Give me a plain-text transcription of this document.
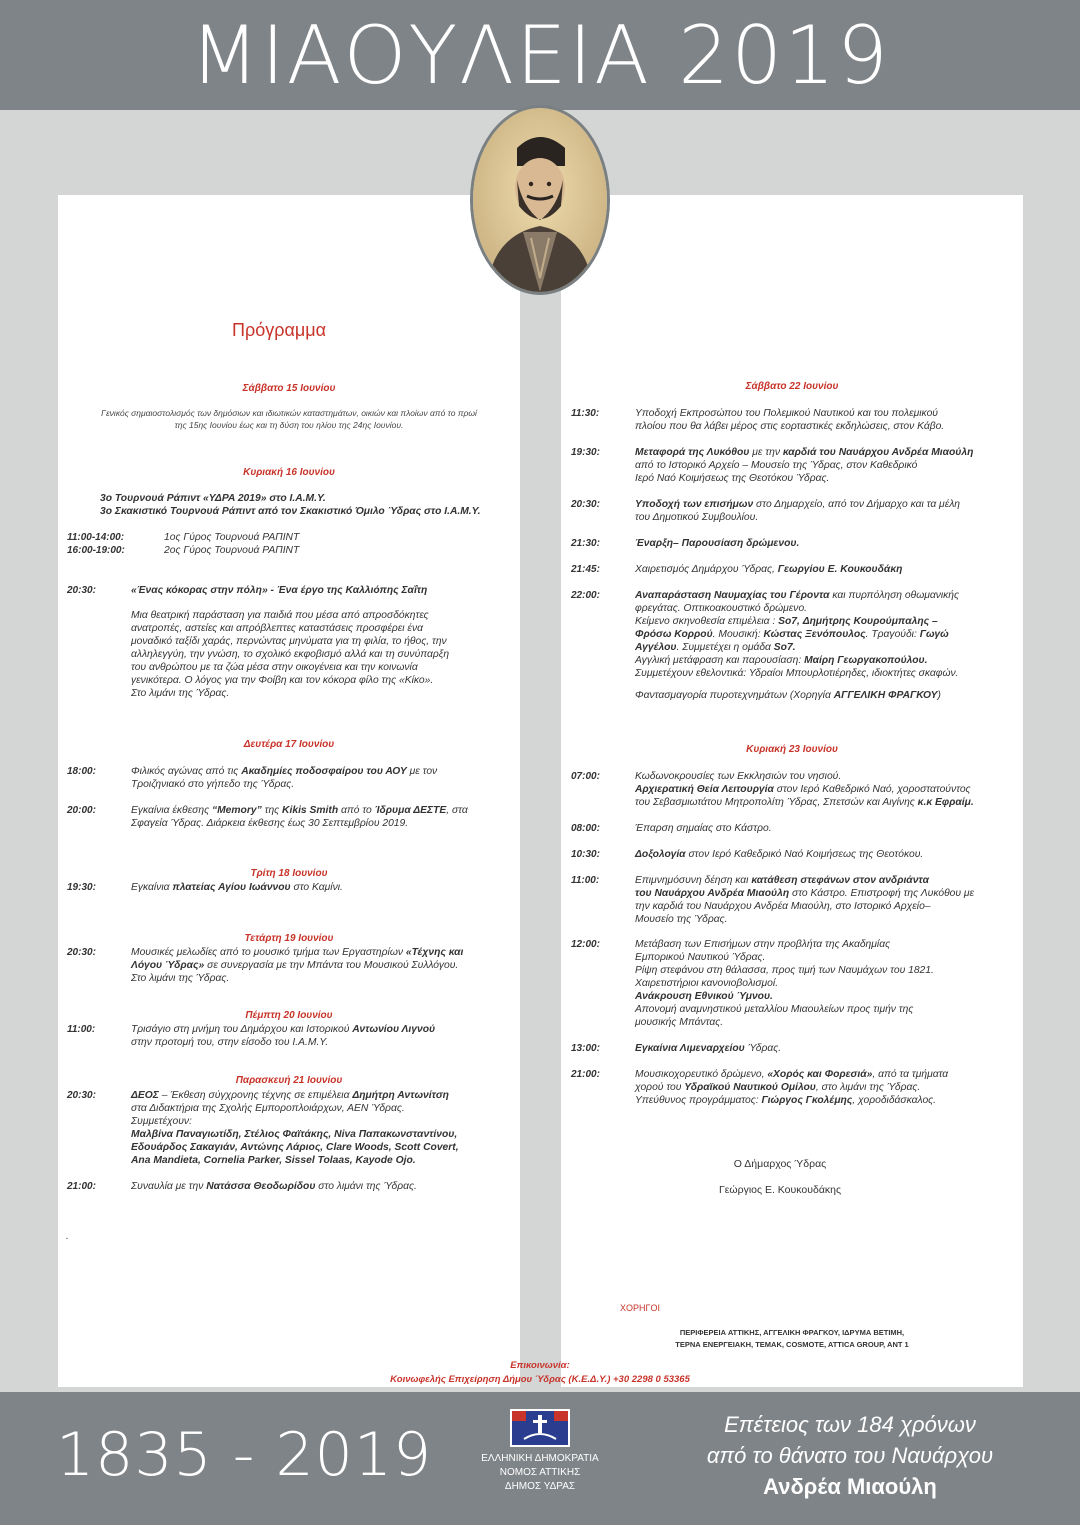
ΜΙΑΟΥΛΕΙΑ 2019
Πρόγραμμα
Σάββατο 15 Ιουνίου
Γενικός σημαιοστολισμός των δημόσιων και ιδιωτικών καταστημάτων, οικιών και πλοίων από το πρωί
της 15ης Ιουνίου έως και τη δύση του ηλίου της 24ης Ιουνίου.
Κυριακή 16 Ιουνίου
3ο Τουρνουά Ράπιντ «ΥΔΡΑ 2019» στο Ι.Α.Μ.Υ.
3ο Σκακιστικό Τουρνουά Ράπιντ από τον Σκακιστικό Όμιλο Ύδρας στο Ι.Α.Μ.Υ.
11:00-14:00:	1ος Γύρος Τουρνουά ΡΑΠΙΝΤ
16:00-19:00:	2ος Γύρος Τουρνουά ΡΑΠΙΝΤ
20:30:	«Ένας κόκορας στην πόλη» - Ένα έργο της Καλλιόπης Σαΐτη
Μια θεατρική παράσταση για παιδιά που μέσα από απροσδόκητες
ανατροπές, αστείες και απρόβλεπτες καταστάσεις προσφέρει ένα
μοναδικό ταξίδι χαράς, περνώντας μηνύματα για τη φιλία, το ήθος, την
αλληλεγγύη, την γνώση, το σχολικό εκφοβισμό αλλά και τη συνύπαρξη
του ανθρώπου με τα ζώα μέσα στην οικογένεια και την κοινωνία
γενικότερα. Ο λόγος για την Φοίβη και τον κόκορα φίλο της «Κίκο».
Στο λιμάνι της Ύδρας.
Δευτέρα 17 Ιουνίου
18:00:	Φιλικός αγώνας από τις Ακαδημίες ποδοσφαίρου του ΑΟΥ με τον
Τροιζηνιακό στο γήπεδο της Ύδρας.
20:00:	Εγκαίνια έκθεσης “Memory” της Kikis Smith από το Ίδρυμα ΔΕΣΤΕ, στα
Σφαγεία Ύδρας. Διάρκεια έκθεσης έως 30 Σεπτεμβρίου 2019.
Τρίτη 18 Ιουνίου
19:30:	Εγκαίνια πλατείας Αγίου Ιωάννου στο Καμίνι.
Τετάρτη 19 Ιουνίου
20:30:	Μουσικές μελωδίες από το μουσικό τμήμα των Εργαστηρίων «Τέχνης και
Λόγου Ύδρας» σε συνεργασία με την Μπάντα του Μουσικού Συλλόγου.
Στο λιμάνι της Ύδρας.
Πέμπτη 20 Ιουνίου
11:00:	Τρισάγιο στη μνήμη του Δημάρχου και Ιστορικού Αντωνίου Λιγνού
στην προτομή του, στην είσοδο του Ι.Α.Μ.Υ.
Παρασκευή 21 Ιουνίου
20:30:	ΔΕΟΣ – Έκθεση σύγχρονης τέχνης σε επιμέλεια Δημήτρη Αντωνίτση
στα Διδακτήρια της Σχολής Εμποροπλοιάρχων, ΑΕΝ Ύδρας.
Συμμετέχουν:
Μαλβίνα Παναγιωτίδη, Στέλιος Φαϊτάκης, Niva Παπακωνσταντίνου,
Εδουάρδος Σακαγιάν, Αντώνης Λάριος, Clare Woods, Scott Covert,
Ana Mandieta, Cornelia Parker, Sissel Tolaas, Kayode Ojo.
21:00:	Συναυλία με την Νατάσσα Θεοδωρίδου στο λιμάνι της Ύδρας.
.
Σάββατο 22 Ιουνίου
11:30:	Υποδοχή Εκπροσώπου του Πολεμικού Ναυτικού και του πολεμικού
πλοίου που θα λάβει μέρος στις εορταστικές εκδηλώσεις, στον Κάβο.
19:30:	Μεταφορά της Λυκόθου με την καρδιά του Ναυάρχου Ανδρέα Μιαούλη
από το Ιστορικό Αρχείο – Μουσείο της Ύδρας, στον Καθεδρικό
Ιερό Ναό Κοιμήσεως της Θεοτόκου Ύδρας.
20:30:	Υποδοχή των επισήμων στο Δημαρχείο, από τον Δήμαρχο και τα μέλη
του Δημοτικού Συμβουλίου.
21:30:	Έναρξη– Παρουσίαση δρώμενου.
21:45:	Χαιρετισμός Δημάρχου Ύδρας, Γεωργίου Ε. Κουκουδάκη
22:00:	Αναπαράσταση Ναυμαχίας του Γέροντα και πυρπόληση οθωμανικής
φρεγάτας. Οπτικοακουστικό δρώμενο.
Κείμενο σκηνοθεσία επιμέλεια : So7, Δημήτρης Κουρούμπαλης –
Φρόσω Κορρού. Μουσική: Κώστας Ξενόπουλος. Τραγούδι: Γωγώ
Αγγέλου. Συμμετέχει η ομάδα So7.
Αγγλική μετάφραση και παρουσίαση: Μαίρη Γεωργακοπούλου.
Συμμετέχουν εθελοντικά: Υδραίοι Μπουρλοτιέρηδες, ιδιοκτήτες σκαφών.
Φαντασμαγορία πυροτεχνημάτων (Χορηγία ΑΓΓΕΛΙΚΗ ΦΡΑΓΚΟΥ)
Κυριακή 23 Ιουνίου
07:00:	Κωδωνοκρουσίες των Εκκλησιών του νησιού.
Αρχιερατική Θεία Λειτουργία στον Ιερό Καθεδρικό Ναό, χοροστατούντος
του Σεβασμιωτάτου Μητροπολίτη Ύδρας, Σπετσών και Αιγίνης κ.κ Εφραίμ.
08:00:	Έπαρση σημαίας στο Κάστρο.
10:30:	Δοξολογία στον Ιερό Καθεδρικό Ναό Κοιμήσεως της Θεοτόκου.
11:00:	Επιμνημόσυνη δέηση και κατάθεση στεφάνων στον ανδριάντα
του Ναυάρχου Ανδρέα Μιαούλη στο Κάστρο. Επιστροφή της Λυκόθου με
την καρδιά του Ναυάρχου Ανδρέα Μιαούλη, στο Ιστορικό Αρχείο–
Μουσείο της Ύδρας.
12:00:	Μετάβαση των Επισήμων στην προβλήτα της Ακαδημίας
Εμπορικού Ναυτικού Ύδρας.
Ρίψη στεφάνου στη θάλασσα, προς τιμή των Ναυμάχων του 1821.
Χαιρετιστήριοι κανονιοβολισμοί.
Ανάκρουση Εθνικού Ύμνου.
Απονομή αναμνηστικού μεταλλίου Μιαουλείων προς τιμήν της
μουσικής Μπάντας.
13:00:	Εγκαίνια Λιμεναρχείου Ύδρας.
21:00:	Μουσικοχορευτικό δρώμενο, «Χορός και Φορεσιά», από τα τμήματα
χορού του Υδραϊκού Ναυτικού Ομίλου, στο λιμάνι της Ύδρας.
Υπεύθυνος προγράμματος: Γιώργος Γκολέμης, χοροδιδάσκαλος.
Ο Δήμαρχος Ύδρας
Γεώργιος Ε. Κουκουδάκης
ΧΟΡΗΓΟΙ
ΠΕΡΙΦΕΡΕΙΑ ΑΤΤΙΚΗΣ, ΑΓΓΕΛΙΚΗ ΦΡΑΓΚΟΥ, ΙΔΡΥΜΑ ΒΕΤΙΜΗ,
ΤΕΡΝΑ ΕΝΕΡΓΕΙΑΚΗ, ΤΕΜΑΚ, COSMOTE, ATTICA GROUP, ANT 1
Επικοινωνία:
Κοινωφελής Επιχείρηση Δήμου Ύδρας (Κ.Ε.Δ.Υ.) +30 2298 0 53365
1835 - 2019	ΕΛΛΗΝΙΚΗ ΔΗΜΟΚΡΑΤΙΑ
ΝΟΜΟΣ ΑΤΤΙΚΗΣ
ΔΗΜΟΣ ΥΔΡΑΣ
Επέτειος των 184 χρόνων
από το θάνατο του Ναυάρχου
Ανδρέα Μιαούλη
